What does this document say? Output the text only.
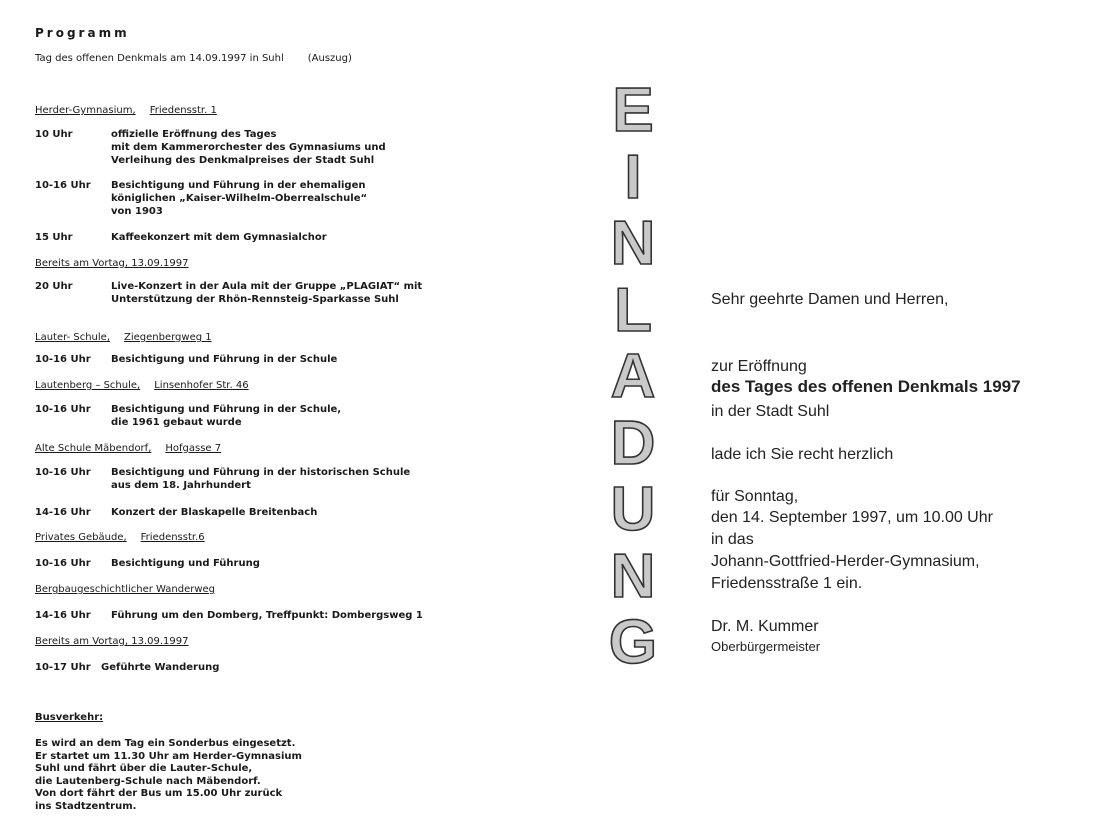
Programm
Tag des offenen Denkmals am 14.09.1997 in Suhl (Auszug)
Herder-Gymnasium, Friedensstr. 1
10 Uhr	offizielle Eröffnung des Tages
mit dem Kammerorchester des Gymnasiums und
Verleihung des Denkmalpreises der Stadt Suhl
10-16 Uhr	Besichtigung und Führung in der ehemaligen
königlichen „Kaiser-Wilhelm-Oberrealschule“
von 1903
15 Uhr	Kaffeekonzert mit dem Gymnasialchor
Bereits am Vortag, 13.09.1997
20 Uhr	Live-Konzert in der Aula mit der Gruppe „PLAGIAT“ mit
Unterstützung der Rhön-Rennsteig-Sparkasse Suhl
Lauter- Schule, Ziegenbergweg 1
10-16 Uhr	Besichtigung und Führung in der Schule
Lautenberg – Schule, Linsenhofer Str. 46
10-16 Uhr	Besichtigung und Führung in der Schule,
die 1961 gebaut wurde
Alte Schule Mäbendorf, Hofgasse 7
10-16 Uhr	Besichtigung und Führung in der historischen Schule
aus dem 18. Jahrhundert
14-16 Uhr	Konzert der Blaskapelle Breitenbach
Privates Gebäude, Friedensstr.6
10-16 Uhr	Besichtigung und Führung
Bergbaugeschichtlicher Wanderweg
14-16 Uhr	Führung um den Domberg, Treffpunkt: Dombergsweg 1
Bereits am Vortag, 13.09.1997
10-17 Uhr	Geführte Wanderung
Busverkehr:
Es wird an dem Tag ein Sonderbus eingesetzt.
Er startet um 11.30 Uhr am Herder-Gymnasium
Suhl und fährt über die Lauter-Schule,
die Lautenberg-Schule nach Mäbendorf.
Von dort fährt der Bus um 15.00 Uhr zurück
ins Stadtzentrum.
E
I
N
L
A
D
U
N
G
Sehr geehrte Damen und Herren,
zur Eröffnung
des Tages des offenen Denkmals 1997
in der Stadt Suhl
lade ich Sie recht herzlich
für Sonntag,
den 14. September 1997, um 10.00 Uhr
in das
Johann-Gottfried-Herder-Gymnasium,
Friedensstraße 1 ein.
Dr. M. Kummer
Oberbürgermeister
